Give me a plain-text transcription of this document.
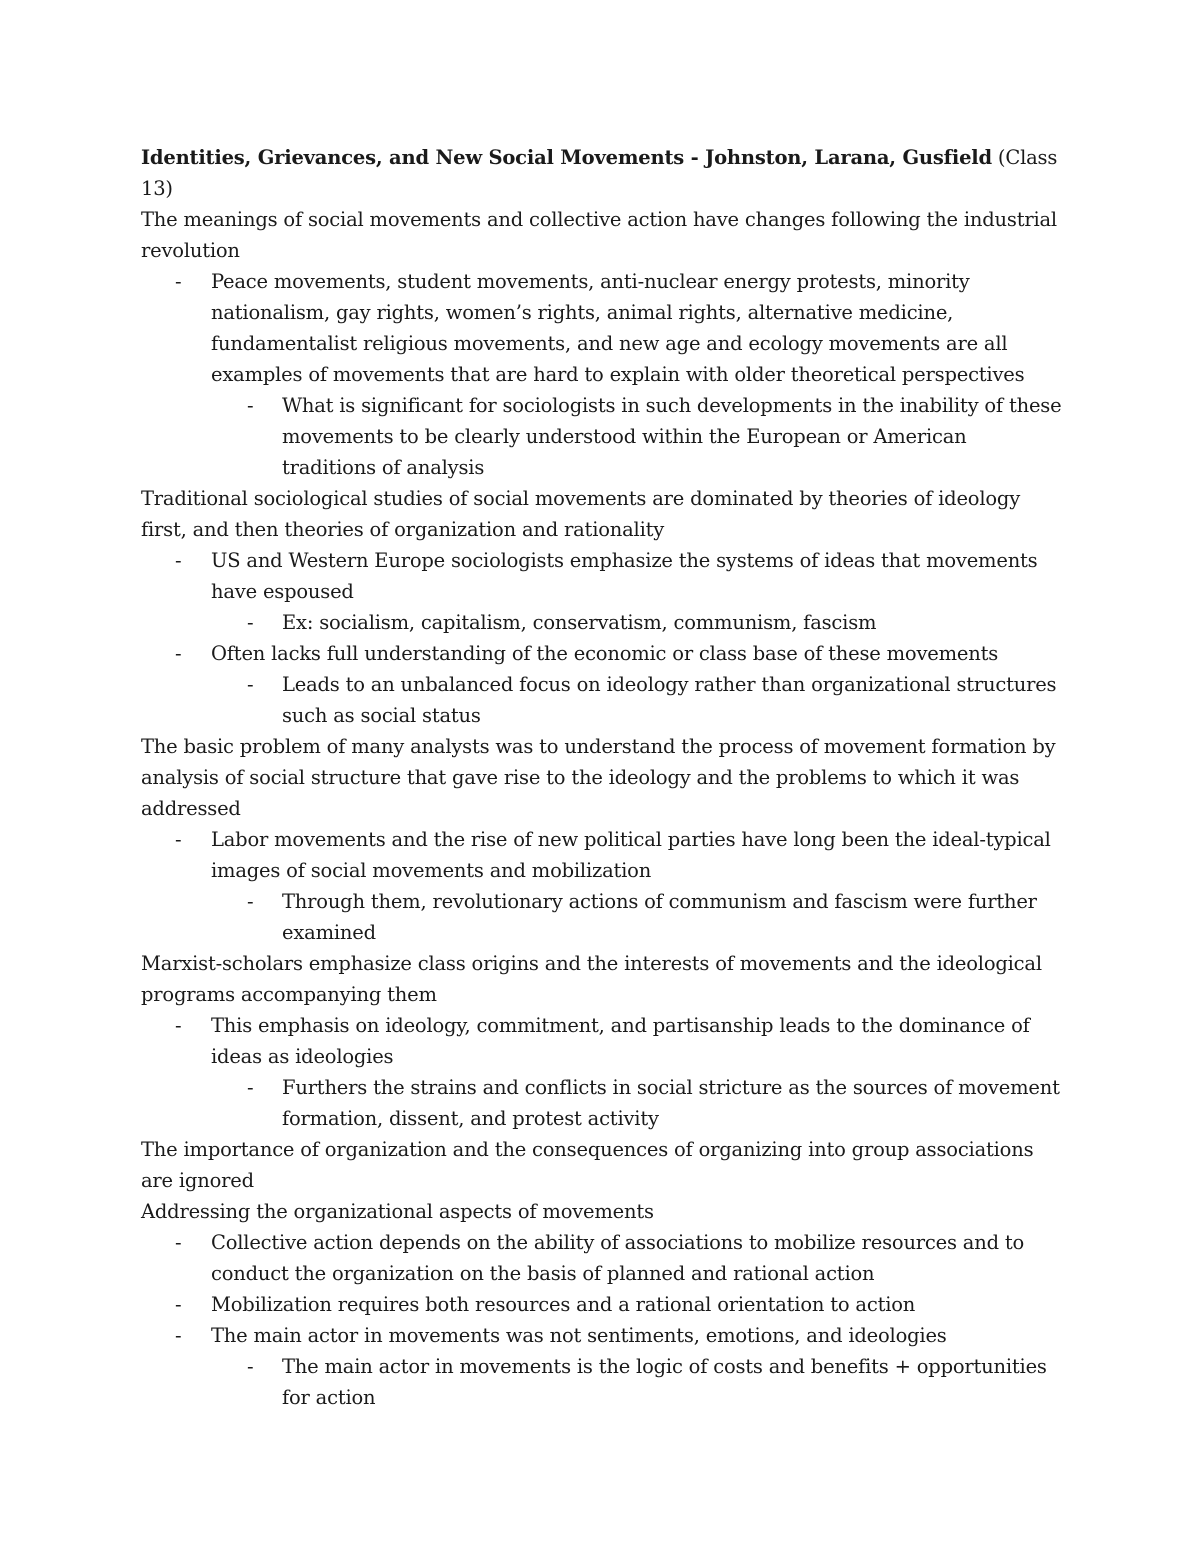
Identities, Grievances, and New Social Movements - Johnston, Larana, Gusfield (Class 13)

The meanings of social movements and collective action have changes following the industrial revolution

- Peace movements, student movements, anti-nuclear energy protests, minority nationalism, gay rights, women’s rights, animal rights, alternative medicine, fundamentalist religious movements, and new age and ecology movements are all examples of movements that are hard to explain with older theoretical perspectives

- What is significant for sociologists in such developments in the inability of these movements to be clearly understood within the European or American traditions of analysis

Traditional sociological studies of social movements are dominated by theories of ideology first, and then theories of organization and rationality

- US and Western Europe sociologists emphasize the systems of ideas that movements have espoused

- Ex: socialism, capitalism, conservatism, communism, fascism

- Often lacks full understanding of the economic or class base of these movements

- Leads to an unbalanced focus on ideology rather than organizational structures such as social status

The basic problem of many analysts was to understand the process of movement formation by analysis of social structure that gave rise to the ideology and the problems to which it was addressed

- Labor movements and the rise of new political parties have long been the ideal-typical images of social movements and mobilization

- Through them, revolutionary actions of communism and fascism were further examined

Marxist-scholars emphasize class origins and the interests of movements and the ideological programs accompanying them

- This emphasis on ideology, commitment, and partisanship leads to the dominance of ideas as ideologies

- Furthers the strains and conflicts in social stricture as the sources of movement formation, dissent, and protest activity

The importance of organization and the consequences of organizing into group associations are ignored

Addressing the organizational aspects of movements

- Collective action depends on the ability of associations to mobilize resources and to conduct the organization on the basis of planned and rational action

- Mobilization requires both resources and a rational orientation to action

- The main actor in movements was not sentiments, emotions, and ideologies

- The main actor in movements is the logic of costs and benefits + opportunities for action
